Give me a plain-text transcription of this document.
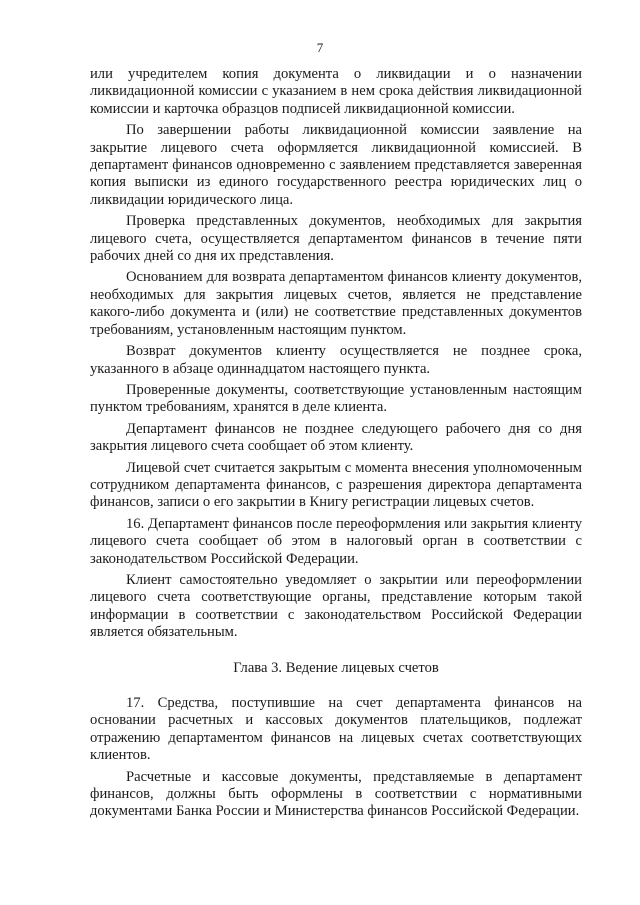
7

или учредителем копия документа о ликвидации и о назначении ликвидационной комиссии с указанием в нем срока действия ликвидационной комиссии и карточка образцов подписей ликвидационной комиссии.

По завершении работы ликвидационной комиссии заявление на закрытие лицевого счета оформляется ликвидационной комиссией. В департамент финансов одновременно с заявлением представляется заверенная копия выписки из единого государственного реестра юридических лиц о ликвидации юридического лица.

Проверка представленных документов, необходимых для закрытия лицевого счета, осуществляется департаментом финансов в течение пяти рабочих дней со дня их представления.

Основанием для возврата департаментом финансов клиенту документов, необходимых для закрытия лицевых счетов, является не представление какого-либо документа и (или) не соответствие представленных документов требованиям, установленным настоящим пунктом.

Возврат документов клиенту осуществляется не позднее срока, указанного в абзаце одиннадцатом настоящего пункта.

Проверенные документы, соответствующие установленным настоящим пунктом требованиям, хранятся в деле клиента.

Департамент финансов не позднее следующего рабочего дня со дня закрытия лицевого счета сообщает об этом клиенту.

Лицевой счет считается закрытым с момента внесения уполномоченным сотрудником департамента финансов, с разрешения директора департамента финансов, записи о его закрытии в Книгу регистрации лицевых счетов.

16. Департамент финансов после переоформления или закрытия клиенту лицевого счета сообщает об этом в налоговый орган в соответствии с законодательством Российской Федерации.

Клиент самостоятельно уведомляет о закрытии или переоформлении лицевого счета соответствующие органы, представление которым такой информации в соответствии с законодательством Российской Федерации является обязательным.

Глава 3. Ведение лицевых счетов

17. Средства, поступившие на счет департамента финансов на основании расчетных и кассовых документов плательщиков, подлежат отражению департаментом финансов на лицевых счетах соответствующих клиентов.

Расчетные и кассовые документы, представляемые в департамент финансов, должны быть оформлены в соответствии с нормативными документами Банка России и Министерства финансов Российской Федерации.
